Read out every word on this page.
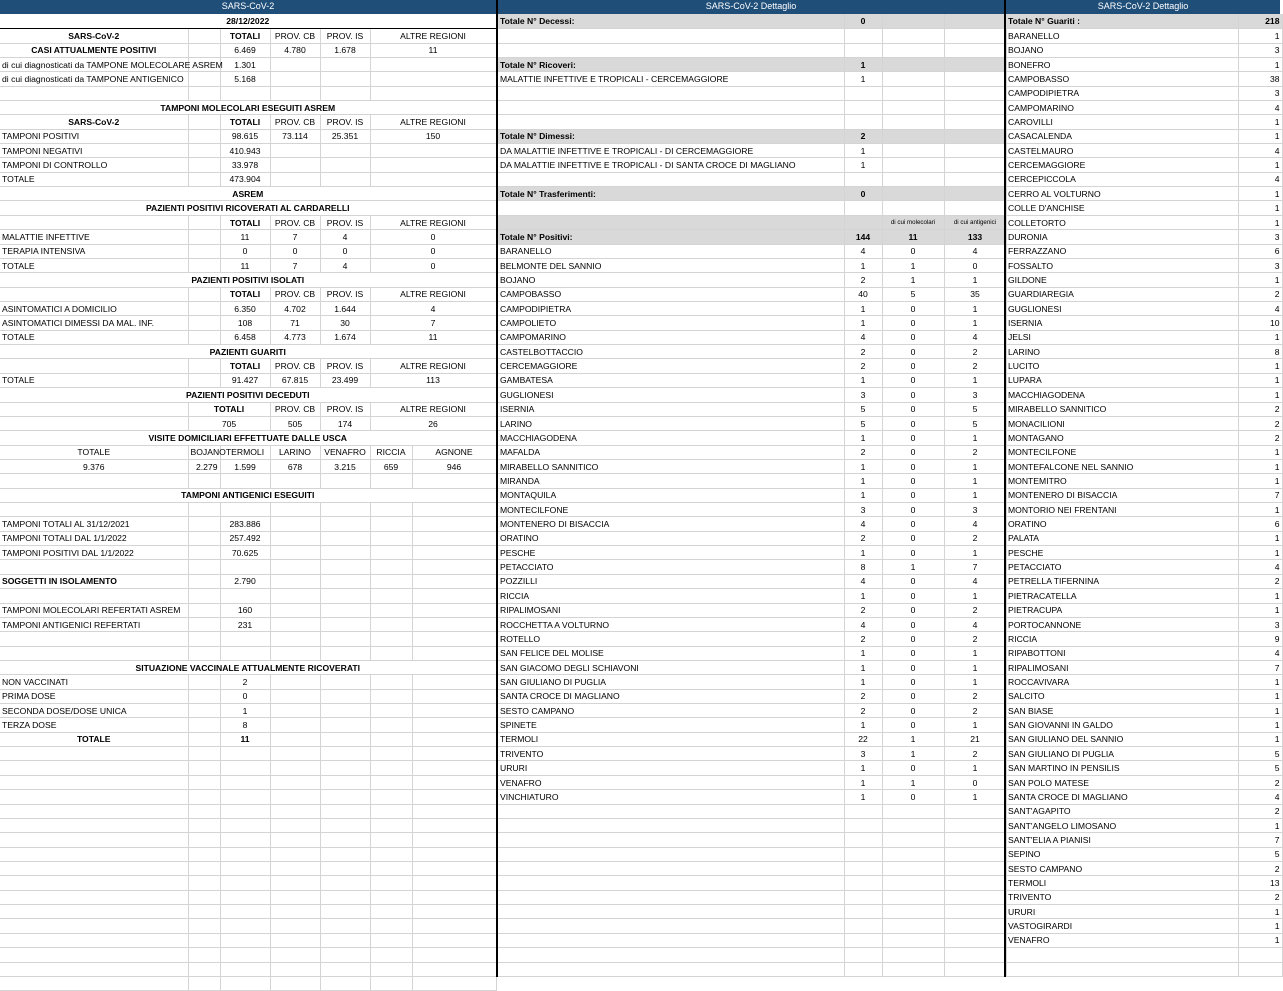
SARS-CoV-2
28/12/2022						
SARS-CoV-2		TOTALI	PROV. CB	PROV. IS	ALTRE REGIONI	
CASI ATTUALMENTE POSITIVI		6.469	4.780	1.678	11	
di cui diagnosticati da TAMPONE MOLECOLARE ASREM		1.301				
di cui diagnosticati da TAMPONE ANTIGENICO		5.168				

TAMPONI MOLECOLARI ESEGUITI ASREM						
SARS-CoV-2		TOTALI	PROV. CB	PROV. IS	ALTRE REGIONI	
TAMPONI POSITIVI		98.615	73.114	25.351	150	
TAMPONI NEGATIVI		410.943				
TAMPONI DI CONTROLLO		33.978				
TOTALE		473.904				
ASREM						
PAZIENTI POSITIVI RICOVERATI AL CARDARELLI						
		TOTALI	PROV. CB	PROV. IS	ALTRE REGIONI	
MALATTIE INFETTIVE		11	7	4	0	
TERAPIA INTENSIVA		0	0	0	0	
TOTALE		11	7	4	0	
PAZIENTI POSITIVI ISOLATI						
		TOTALI	PROV. CB	PROV. IS	ALTRE REGIONI	
ASINTOMATICI A DOMICILIO		6.350	4.702	1.644	4	
ASINTOMATICI DIMESSI DA MAL. INF.		108	71	30	7	
TOTALE		6.458	4.773	1.674	11	
PAZIENTI GUARITI						
		TOTALI	PROV. CB	PROV. IS	ALTRE REGIONI	
TOTALE		91.427	67.815	23.499	113	
PAZIENTI POSITIVI DECEDUTI						
	TOTALI		PROV. CB	PROV. IS	ALTRE REGIONI	
	705		505	174	26	
VISITE DOMICILIARI EFFETTUATE DALLE USCA						
TOTALE	BOJANO	TERMOLI	LARINO	VENAFRO	RICCIA	AGNONE
9.376	2.279	1.599	678	3.215	659	946

TAMPONI ANTIGENICI ESEGUITI						

TAMPONI TOTALI AL 31/12/2021		283.886				
TAMPONI TOTALI DAL 1/1/2022		257.492				
TAMPONI POSITIVI DAL 1/1/2022		70.625				

SOGGETTI IN ISOLAMENTO		2.790				

TAMPONI MOLECOLARI REFERTATI ASREM		160				
TAMPONI ANTIGENICI REFERTATI		231				

SITUAZIONE VACCINALE ATTUALMENTE RICOVERATI						
NON VACCINATI		2				
PRIMA DOSE		0				
SECONDA DOSE/DOSE UNICA		1				
TERZA DOSE		8				
TOTALE		11				

SARS-CoV-2 Dettaglio
Totale N° Decessi:	0		

Totale N° Ricoveri:	1		
MALATTIE INFETTIVE E TROPICALI - CERCEMAGGIORE	1		

Totale N° Dimessi:	2		
DA MALATTIE INFETTIVE E TROPICALI - DI CERCEMAGGIORE	1		
DA MALATTIE INFETTIVE E TROPICALI - DI SANTA CROCE DI MAGLIANO	1		

Totale N° Trasferimenti:	0		

		di cui molecolari	di cui antigenici
Totale N° Positivi:	144	11	133
BARANELLO	4	0	4
BELMONTE DEL SANNIO	1	1	0
BOJANO	2	1	1
CAMPOBASSO	40	5	35
CAMPODIPIETRA	1	0	1
CAMPOLIETO	1	0	1
CAMPOMARINO	4	0	4
CASTELBOTTACCIO	2	0	2
CERCEMAGGIORE	2	0	2
GAMBATESA	1	0	1
GUGLIONESI	3	0	3
ISERNIA	5	0	5
LARINO	5	0	5
MACCHIAGODENA	1	0	1
MAFALDA	2	0	2
MIRABELLO SANNITICO	1	0	1
MIRANDA	1	0	1
MONTAQUILA	1	0	1
MONTECILFONE	3	0	3
MONTENERO DI BISACCIA	4	0	4
ORATINO	2	0	2
PESCHE	1	0	1
PETACCIATO	8	1	7
POZZILLI	4	0	4
RICCIA	1	0	1
RIPALIMOSANI	2	0	2
ROCCHETTA A VOLTURNO	4	0	4
ROTELLO	2	0	2
SAN FELICE DEL MOLISE	1	0	1
SAN GIACOMO DEGLI SCHIAVONI	1	0	1
SAN GIULIANO DI PUGLIA	1	0	1
SANTA CROCE DI MAGLIANO	2	0	2
SESTO CAMPANO	2	0	2
SPINETE	1	0	1
TERMOLI	22	1	21
TRIVENTO	3	1	2
URURI	1	0	1
VENAFRO	1	1	0
VINCHIATURO	1	0	1

SARS-CoV-2 Dettaglio
Totale N° Guariti :	218
BARANELLO	1
BOJANO	3
BONEFRO	1
CAMPOBASSO	38
CAMPODIPIETRA	3
CAMPOMARINO	4
CAROVILLI	1
CASACALENDA	1
CASTELMAURO	4
CERCEMAGGIORE	1
CERCEPICCOLA	4
CERRO AL VOLTURNO	1
COLLE D'ANCHISE	1
COLLETORTO	1
DURONIA	3
FERRAZZANO	6
FOSSALTO	3
GILDONE	1
GUARDIAREGIA	2
GUGLIONESI	4
ISERNIA	10
JELSI	1
LARINO	8
LUCITO	1
LUPARA	1
MACCHIAGODENA	1
MIRABELLO SANNITICO	2
MONACILIONI	2
MONTAGANO	2
MONTECILFONE	1
MONTEFALCONE NEL SANNIO	1
MONTEMITRO	1
MONTENERO DI BISACCIA	7
MONTORIO NEI FRENTANI	1
ORATINO	6
PALATA	1
PESCHE	1
PETACCIATO	4
PETRELLA TIFERNINA	2
PIETRACATELLA	1
PIETRACUPA	1
PORTOCANNONE	3
RICCIA	9
RIPABOTTONI	4
RIPALIMOSANI	7
ROCCAVIVARA	1
SALCITO	1
SAN BIASE	1
SAN GIOVANNI IN GALDO	1
SAN GIULIANO DEL SANNIO	1
SAN GIULIANO DI PUGLIA	5
SAN MARTINO IN PENSILIS	5
SAN POLO MATESE	2
SANTA CROCE DI MAGLIANO	4
SANT'AGAPITO	2
SANT'ANGELO LIMOSANO	1
SANT'ELIA A PIANISI	7
SEPINO	5
SESTO CAMPANO	2
TERMOLI	13
TRIVENTO	2
URURI	1
VASTOGIRARDI	1
VENAFRO	1
